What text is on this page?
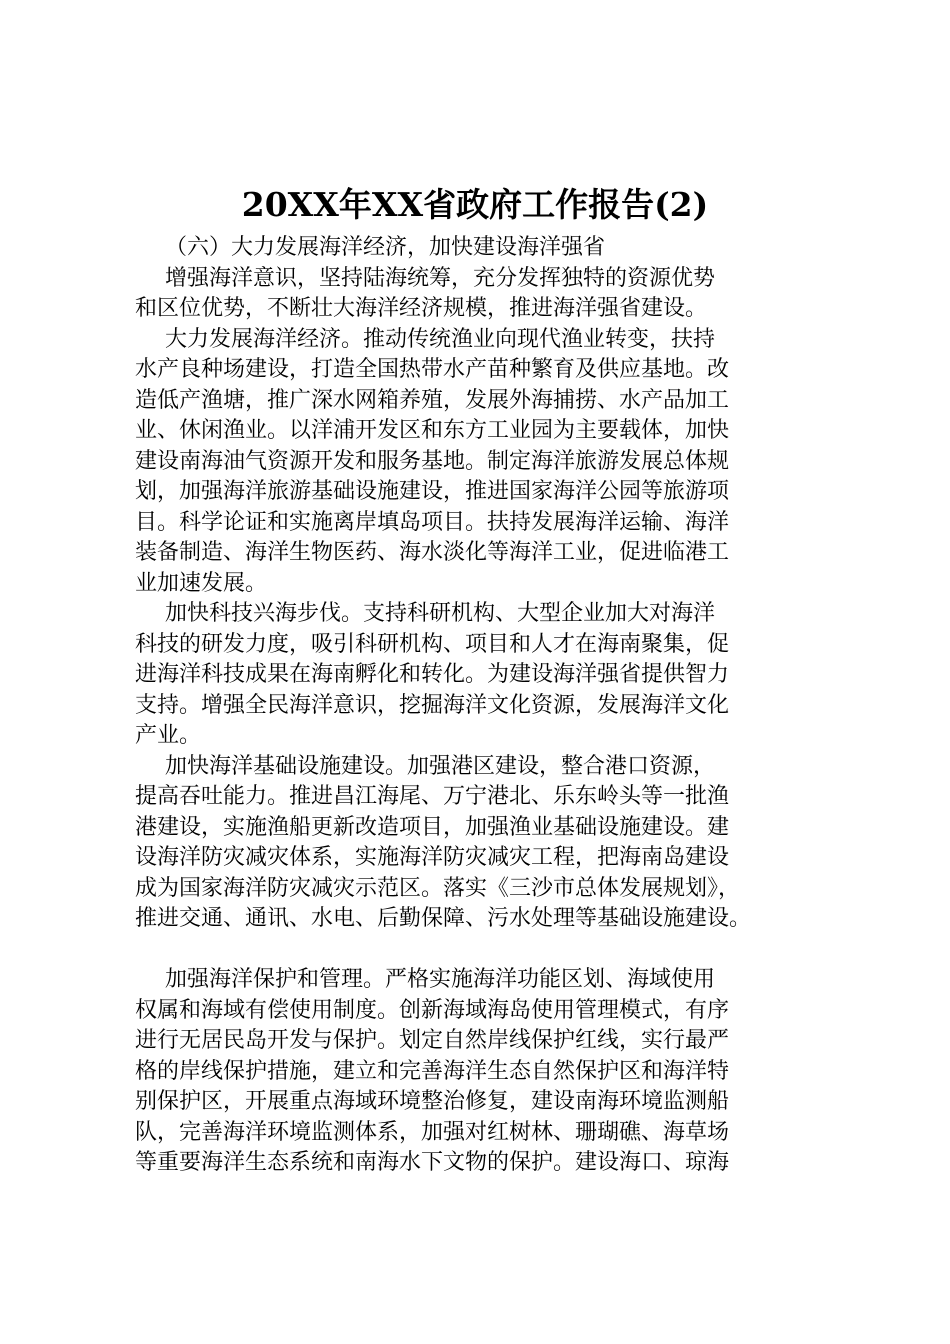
20XX年XX省政府工作报告(2)
（六）大力发展海洋经济，加快建设海洋强省
增强海洋意识，坚持陆海统筹，充分发挥独特的资源优势
和区位优势，不断壮大海洋经济规模，推进海洋强省建设。
大力发展海洋经济。推动传统渔业向现代渔业转变，扶持
水产良种场建设，打造全国热带水产苗种繁育及供应基地。改
造低产渔塘，推广深水网箱养殖，发展外海捕捞、水产品加工
业、休闲渔业。以洋浦开发区和东方工业园为主要载体，加快
建设南海油气资源开发和服务基地。制定海洋旅游发展总体规
划，加强海洋旅游基础设施建设，推进国家海洋公园等旅游项
目。科学论证和实施离岸填岛项目。扶持发展海洋运输、海洋
装备制造、海洋生物医药、海水淡化等海洋工业，促进临港工
业加速发展。
加快科技兴海步伐。支持科研机构、大型企业加大对海洋
科技的研发力度，吸引科研机构、项目和人才在海南聚集，促
进海洋科技成果在海南孵化和转化。为建设海洋强省提供智力
支持。增强全民海洋意识，挖掘海洋文化资源，发展海洋文化
产业。
加快海洋基础设施建设。加强港区建设，整合港口资源，
提高吞吐能力。推进昌江海尾、万宁港北、乐东岭头等一批渔
港建设，实施渔船更新改造项目，加强渔业基础设施建设。建
设海洋防灾减灾体系，实施海洋防灾减灾工程，把海南岛建设
成为国家海洋防灾减灾示范区。落实《三沙市总体发展规划》，
推进交通、通讯、水电、后勤保障、污水处理等基础设施建设。
加强海洋保护和管理。严格实施海洋功能区划、海域使用
权属和海域有偿使用制度。创新海域海岛使用管理模式，有序
进行无居民岛开发与保护。划定自然岸线保护红线，实行最严
格的岸线保护措施，建立和完善海洋生态自然保护区和海洋特
别保护区，开展重点海域环境整治修复，建设南海环境监测船
队，完善海洋环境监测体系，加强对红树林、珊瑚礁、海草场
等重要海洋生态系统和南海水下文物的保护。建设海口、琼海
